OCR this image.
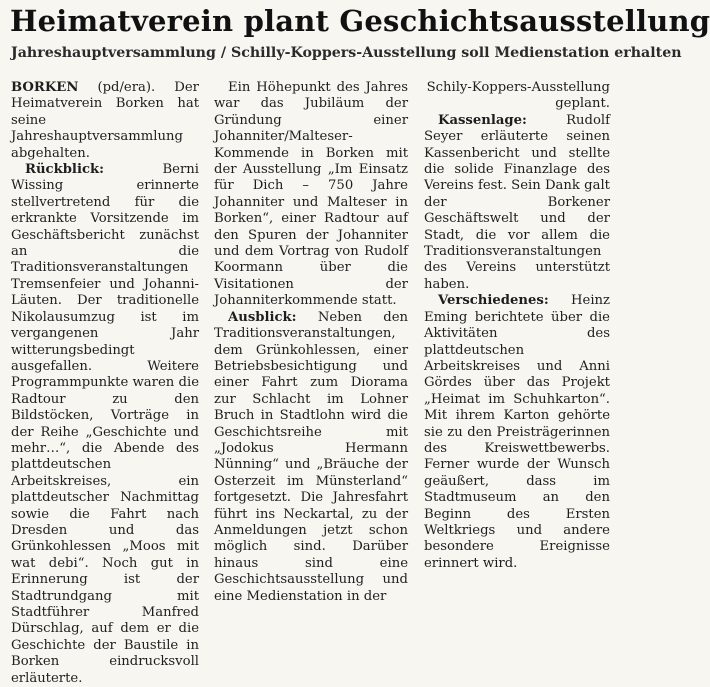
Heimatverein plant Geschichtsausstellung
Jahreshauptversammlung / Schilly-Koppers-Ausstellung soll Medienstation erhalten

BORKEN (pd/era). Der Heimatverein Borken hat seine Jahreshauptversammlung abgehalten.

Rückblick: Berni Wissing erinnerte stellvertretend für die erkrankte Vorsitzende im Geschäftsbericht zunächst an die Traditionsveranstaltungen Tremsenfeier und Johanni-Läuten. Der traditionelle Nikolausumzug ist im vergangenen Jahr witterungsbedingt ausgefallen. Weitere Programmpunkte waren die Radtour zu den Bildstöcken, Vorträge in der Reihe „Geschichte und mehr…“, die Abende des plattdeutschen Arbeitskreises, ein plattdeutscher Nachmittag sowie die Fahrt nach Dresden und das Grünkohlessen „Moos mit wat debi“. Noch gut in Erinnerung ist der Stadtrundgang mit Stadtführer Manfred Dürschlag, auf dem er die Geschichte der Baustile in Borken eindrucksvoll erläuterte.

Ein Höhepunkt des Jahres war das Jubiläum der Gründung einer Johanniter/Malteser-Kommende in Borken mit der Ausstellung „Im Einsatz für Dich – 750 Jahre Johanniter und Malteser in Borken“, einer Radtour auf den Spuren der Johanniter und dem Vortrag von Rudolf Koormann über die Visitationen der Johanniterkommende statt.

Ausblick: Neben den Traditionsveranstaltungen, dem Grünkohlessen, einer Betriebsbesichtigung und einer Fahrt zum Diorama zur Schlacht im Lohner Bruch in Stadtlohn wird die Geschichtsreihe mit „Jodokus Hermann Nünning“ und „Bräuche der Osterzeit im Münsterland“ fortgesetzt. Die Jahresfahrt führt ins Neckartal, zu der Anmeldungen jetzt schon möglich sind. Darüber hinaus sind eine Geschichtsausstellung und eine Medienstation in der

Schily-Koppers-Ausstellung geplant.

Kassenlage: Rudolf Seyer erläuterte seinen Kassenbericht und stellte die solide Finanzlage des Vereins fest. Sein Dank galt der Borkener Geschäftswelt und der Stadt, die vor allem die Traditionsveranstaltungen des Vereins unterstützt haben.

Verschiedenes: Heinz Eming berichtete über die Aktivitäten des plattdeutschen Arbeitskreises und Anni Gördes über das Projekt „Heimat im Schuhkarton“. Mit ihrem Karton gehörte sie zu den Preisträgerinnen des Kreiswettbewerbs. Ferner wurde der Wunsch geäußert, dass im Stadtmuseum an den Beginn des Ersten Weltkriegs und andere besondere Ereignisse erinnert wird.
